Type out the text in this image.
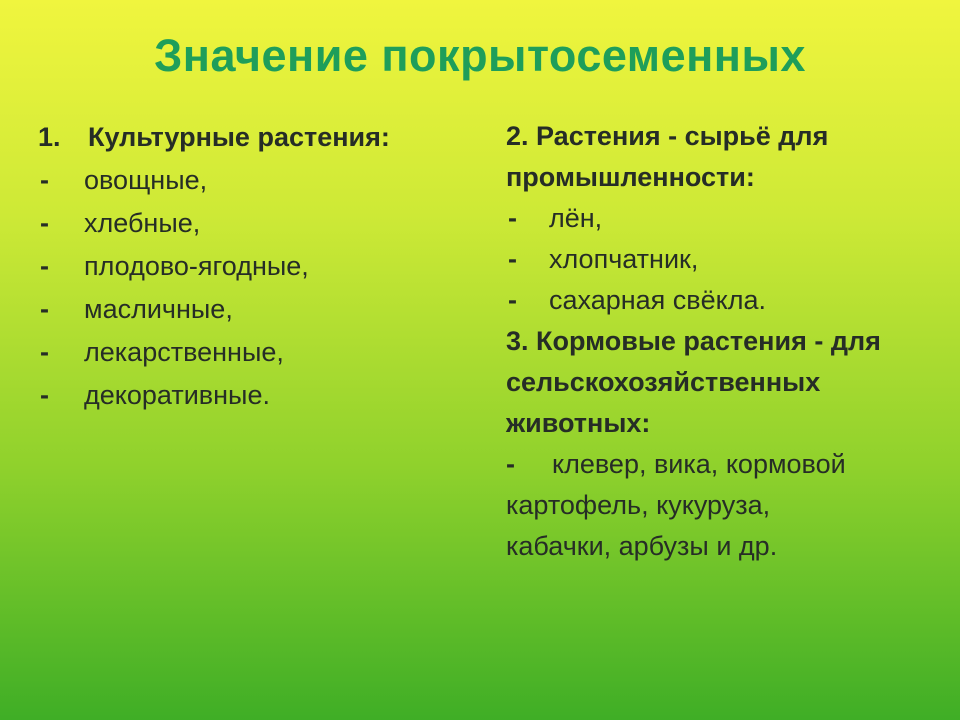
Значение покрытосеменных
1. Культурные растения:
- овощные,
- хлебные,
- плодово-ягодные,
- масличные,
- лекарственные,
- декоративные.
2. Растения - сырьё для
промышленности:
- лён,
- хлопчатник,
- сахарная свёкла.
3. Кормовые растения - для
сельскохозяйственных
животных:
- клевер, вика, кормовой
картофель, кукуруза,
кабачки, арбузы и др.
